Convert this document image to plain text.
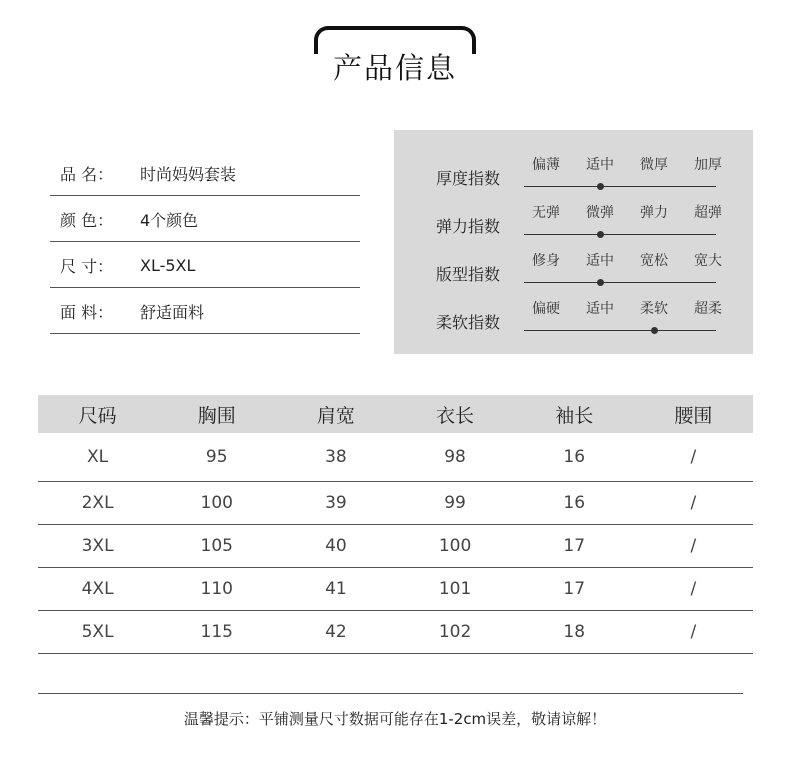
产品信息
品 名：	时尚妈妈套装
颜 色：	4个颜色
尺 寸：	XL-5XL
面 料：	舒适面料
厚度指数
偏薄 适中 微厚 加厚
弹力指数
无弹 微弹 弹力 超弹
版型指数
修身 适中 宽松 宽大
柔软指数
偏硬 适中 柔软 超柔
尺码	胸围	肩宽	衣长	袖长	腰围
XL	95	38	98	16	/
2XL	100	39	99	16	/
3XL	105	40	100	17	/
4XL	110	41	101	17	/
5XL	115	42	102	18	/
温馨提示：平铺测量尺寸数据可能存在1-2cm误差，敬请谅解！
